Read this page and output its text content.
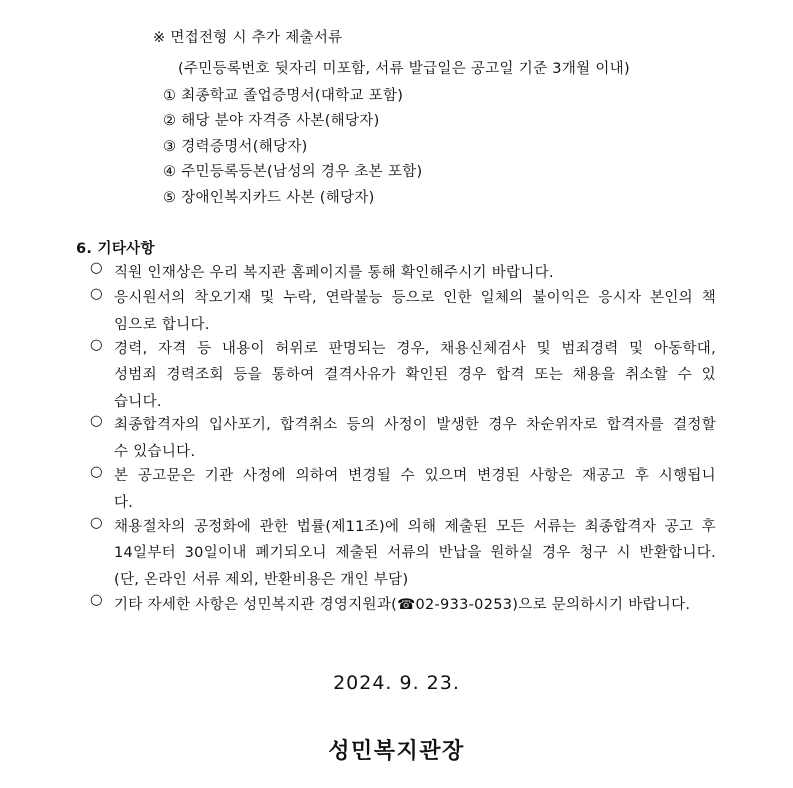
※ 면접전형 시 추가 제출서류
(주민등록번호 뒷자리 미포함, 서류 발급일은 공고일 기준 3개월 이내)
① 최종학교 졸업증명서(대학교 포함)
② 해당 분야 자격증 사본(해당자)
③ 경력증명서(해당자)
④ 주민등록등본(남성의 경우 초본 포함)
⑤ 장애인복지카드 사본 (해당자)
6. 기타사항
○ 직원 인재상은 우리 복지관 홈페이지를 통해 확인해주시기 바랍니다.
○ 응시원서의 착오기재 및 누락, 연락불능 등으로 인한 일체의 불이익은 응시자 본인의 책
임으로 합니다.
○ 경력, 자격 등 내용이 허위로 판명되는 경우, 채용신체검사 및 범죄경력 및 아동학대,
성범죄 경력조회 등을 통하여 결격사유가 확인된 경우 합격 또는 채용을 취소할 수 있
습니다.
○ 최종합격자의 입사포기, 합격취소 등의 사정이 발생한 경우 차순위자로 합격자를 결정할
수 있습니다.
○ 본 공고문은 기관 사정에 의하여 변경될 수 있으며 변경된 사항은 재공고 후 시행됩니
다.
○ 채용절차의 공정화에 관한 법률(제11조)에 의해 제출된 모든 서류는 최종합격자 공고 후
14일부터 30일이내 폐기되오니 제출된 서류의 반납을 원하실 경우 청구 시 반환합니다.
(단, 온라인 서류 제외, 반환비용은 개인 부담)
○ 기타 자세한 사항은 성민복지관 경영지원과(☎02-933-0253)으로 문의하시기 바랍니다.
2024. 9. 23.
성민복지관장
